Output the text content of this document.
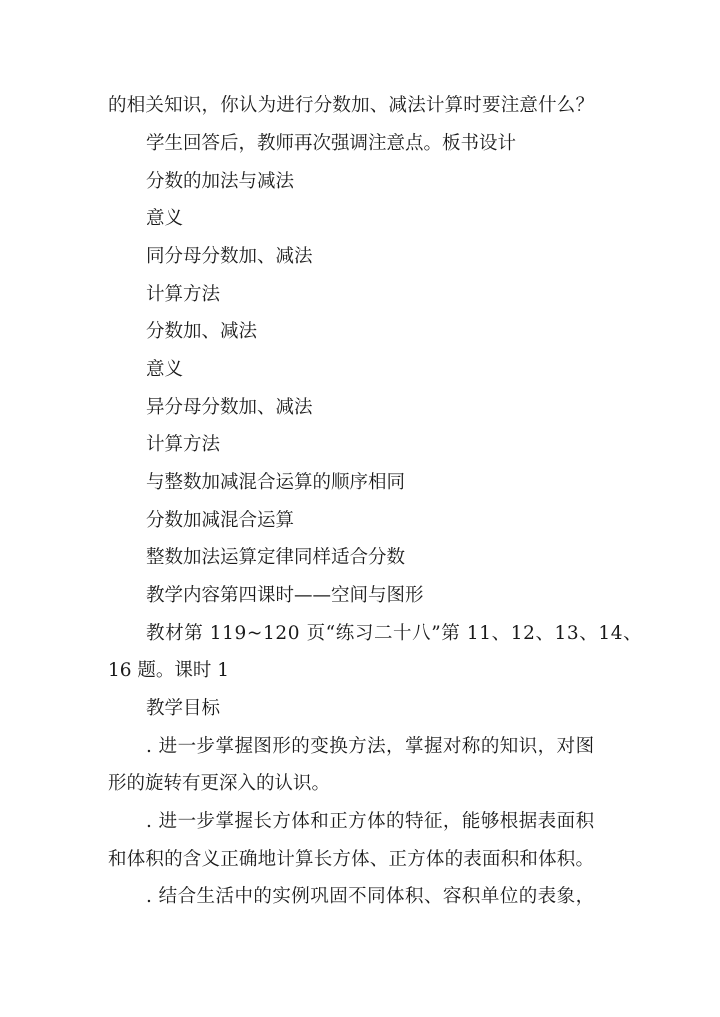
的相关知识，你认为进行分数加、减法计算时要注意什么？
学生回答后，教师再次强调注意点。板书设计
分数的加法与减法
意义
同分母分数加、减法
计算方法
分数加、减法
意义
异分母分数加、减法
计算方法
与整数加减混合运算的顺序相同
分数加减混合运算
整数加法运算定律同样适合分数
教学内容第四课时——空间与图形
教材第 119~120 页“练习二十八”第 11、12、13、14、
16 题。课时 1
教学目标
. 进一步掌握图形的变换方法，掌握对称的知识，对图
形的旋转有更深入的认识。
. 进一步掌握长方体和正方体的特征，能够根据表面积
和体积的含义正确地计算长方体、正方体的表面积和体积。
. 结合生活中的实例巩固不同体积、容积单位的表象，
